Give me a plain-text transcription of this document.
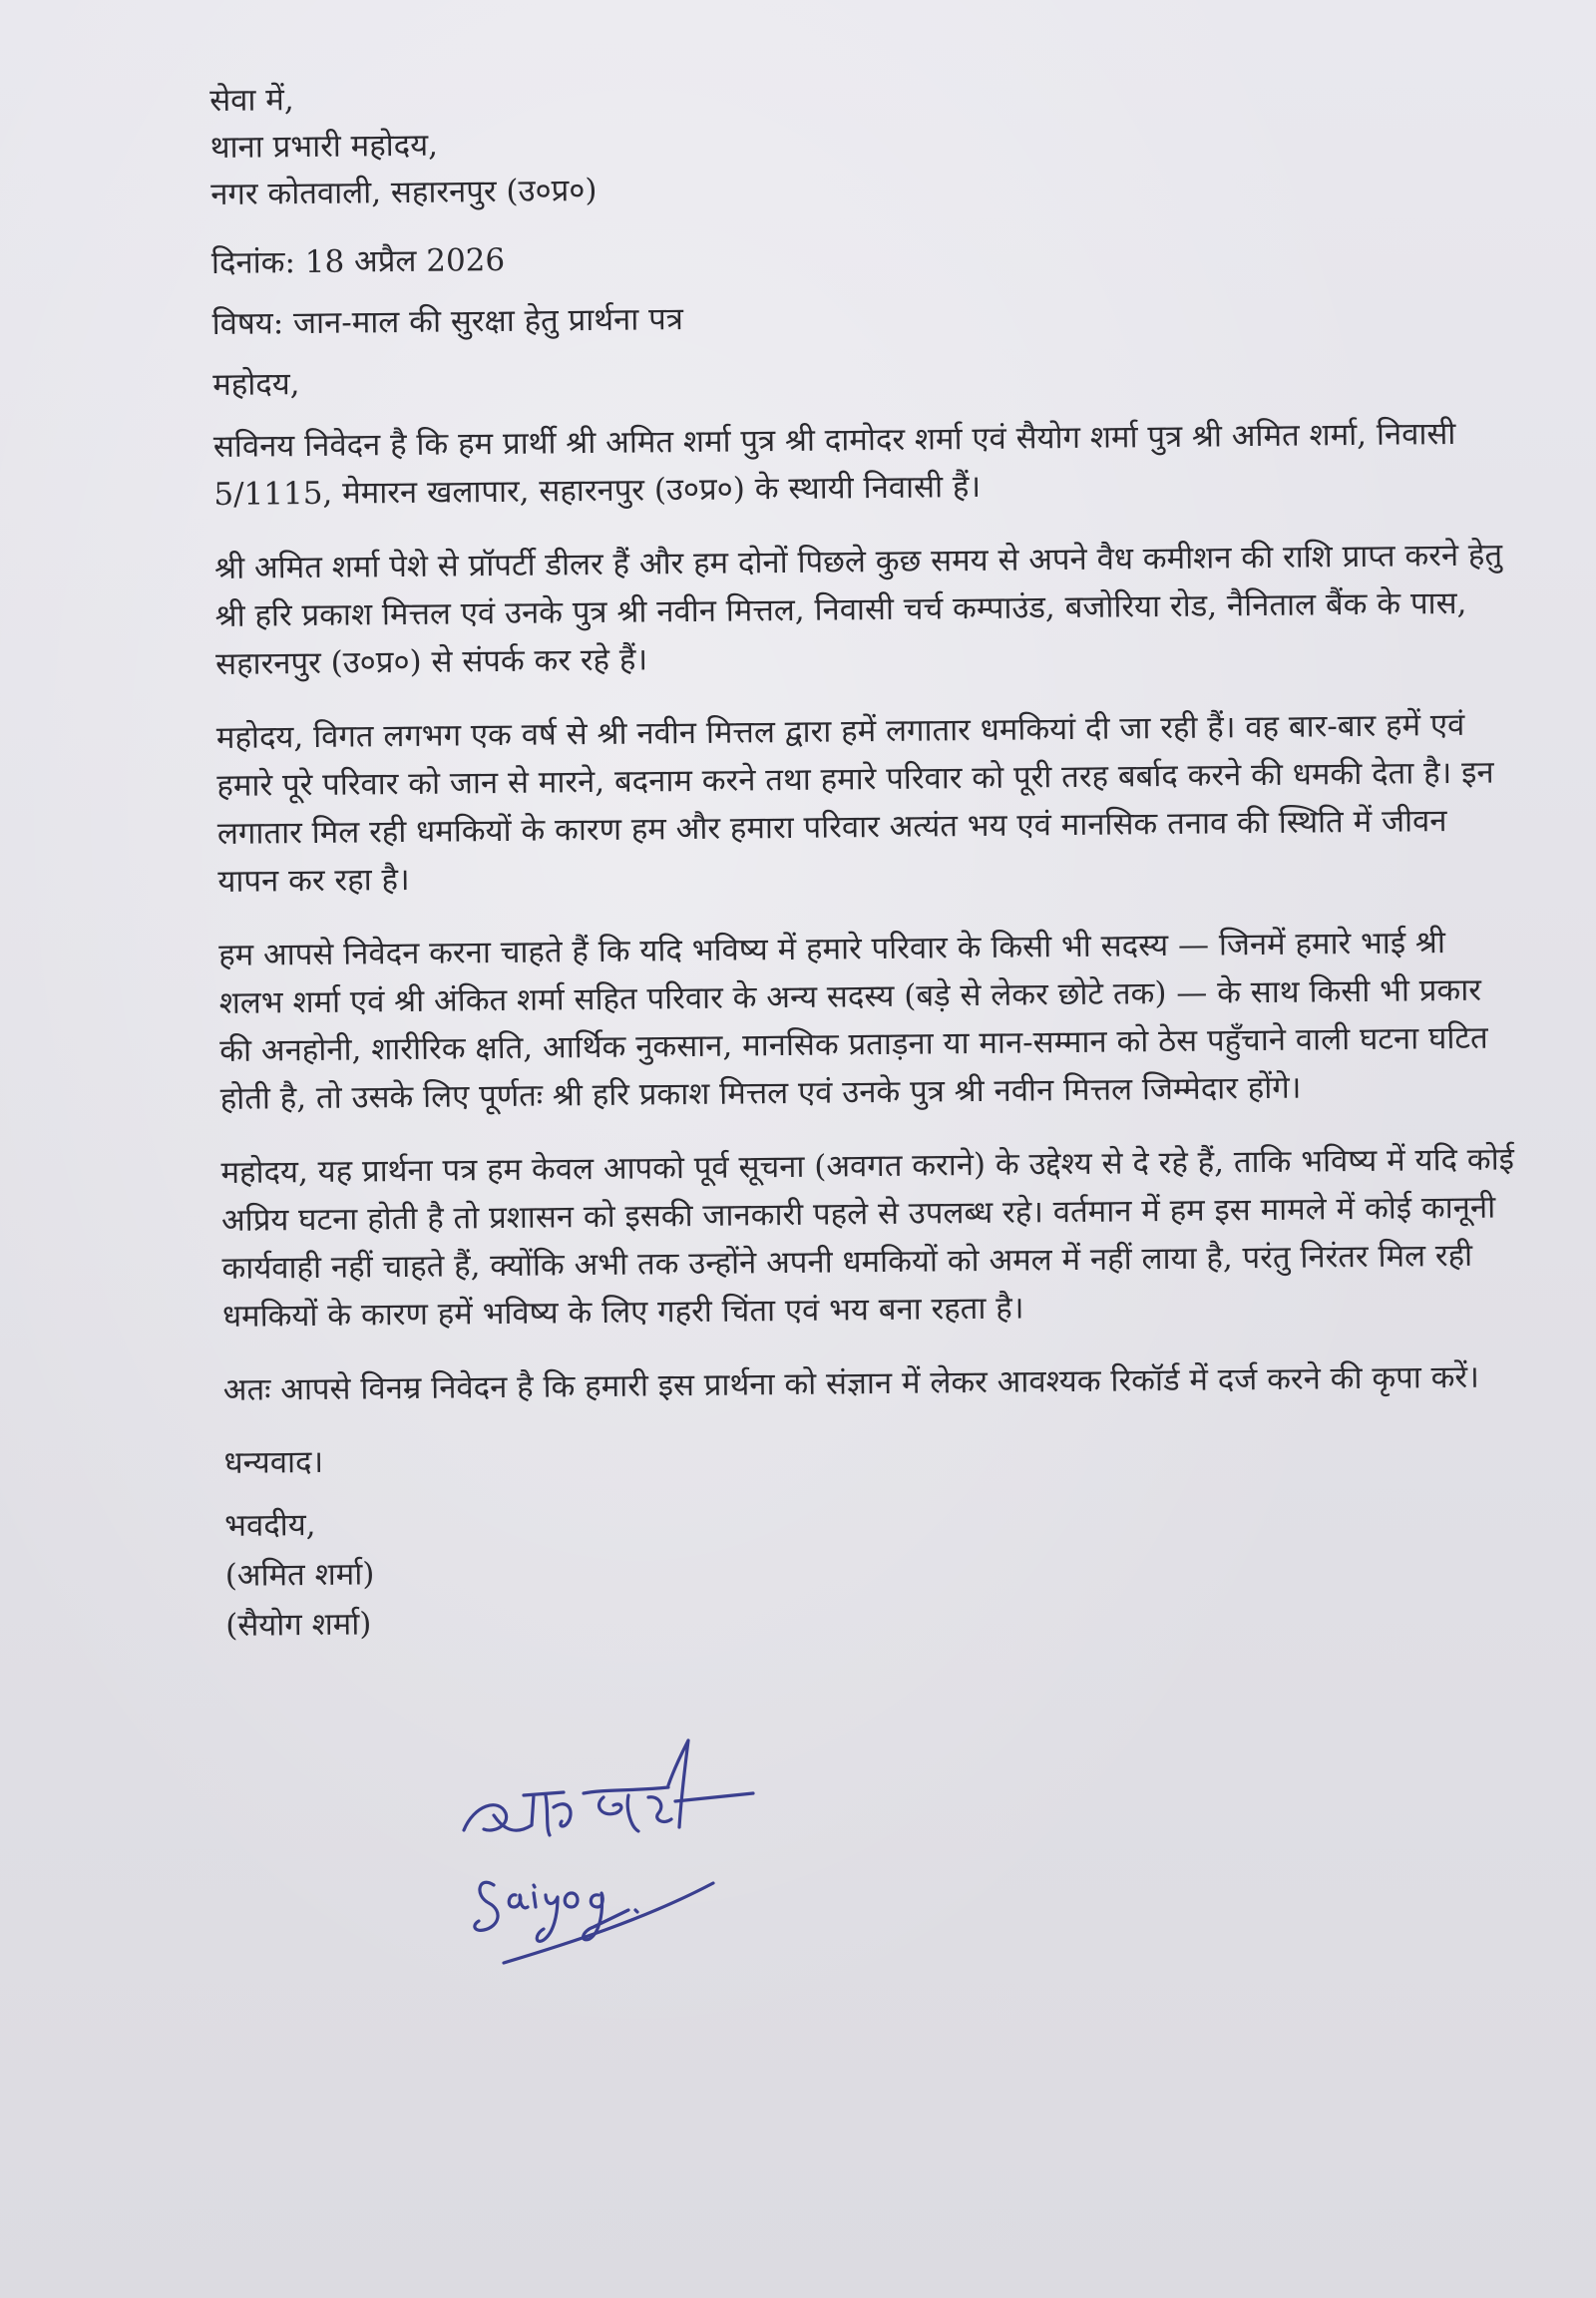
सेवा में,

थाना प्रभारी महोदय,

नगर कोतवाली, सहारनपुर (उ०प्र०)

दिनांक: 18 अप्रैल 2026

विषय: जान-माल की सुरक्षा हेतु प्रार्थना पत्र

महोदय,

सविनय निवेदन है कि हम प्रार्थी श्री अमित शर्मा पुत्र श्री दामोदर शर्मा एवं सैयोग शर्मा पुत्र श्री अमित शर्मा, निवासी 5/1115, मेमारन खलापार, सहारनपुर (उ०प्र०) के स्थायी निवासी हैं।

श्री अमित शर्मा पेशे से प्रॉपर्टी डीलर हैं और हम दोनों पिछले कुछ समय से अपने वैध कमीशन की राशि प्राप्त करने हेतु श्री हरि प्रकाश मित्तल एवं उनके पुत्र श्री नवीन मित्तल, निवासी चर्च कम्पाउंड, बजोरिया रोड, नैनिताल बैंक के पास, सहारनपुर (उ०प्र०) से संपर्क कर रहे हैं।

महोदय, विगत लगभग एक वर्ष से श्री नवीन मित्तल द्वारा हमें लगातार धमकियां दी जा रही हैं। वह बार-बार हमें एवं हमारे पूरे परिवार को जान से मारने, बदनाम करने तथा हमारे परिवार को पूरी तरह बर्बाद करने की धमकी देता है। इन लगातार मिल रही धमकियों के कारण हम और हमारा परिवार अत्यंत भय एवं मानसिक तनाव की स्थिति में जीवन यापन कर रहा है।

हम आपसे निवेदन करना चाहते हैं कि यदि भविष्य में हमारे परिवार के किसी भी सदस्य — जिनमें हमारे भाई श्री शलभ शर्मा एवं श्री अंकित शर्मा सहित परिवार के अन्य सदस्य (बड़े से लेकर छोटे तक) — के साथ किसी भी प्रकार की अनहोनी, शारीरिक क्षति, आर्थिक नुकसान, मानसिक प्रताड़ना या मान-सम्मान को ठेस पहुँचाने वाली घटना घटित होती है, तो उसके लिए पूर्णतः श्री हरि प्रकाश मित्तल एवं उनके पुत्र श्री नवीन मित्तल जिम्मेदार होंगे।

महोदय, यह प्रार्थना पत्र हम केवल आपको पूर्व सूचना (अवगत कराने) के उद्देश्य से दे रहे हैं, ताकि भविष्य में यदि कोई अप्रिय घटना होती है तो प्रशासन को इसकी जानकारी पहले से उपलब्ध रहे। वर्तमान में हम इस मामले में कोई कानूनी कार्यवाही नहीं चाहते हैं, क्योंकि अभी तक उन्होंने अपनी धमकियों को अमल में नहीं लाया है, परंतु निरंतर मिल रही धमकियों के कारण हमें भविष्य के लिए गहरी चिंता एवं भय बना रहता है।

अतः आपसे विनम्र निवेदन है कि हमारी इस प्रार्थना को संज्ञान में लेकर आवश्यक रिकॉर्ड में दर्ज करने की कृपा करें।

धन्यवाद।

भवदीय,

(अमित शर्मा)

(सैयोग शर्मा)
